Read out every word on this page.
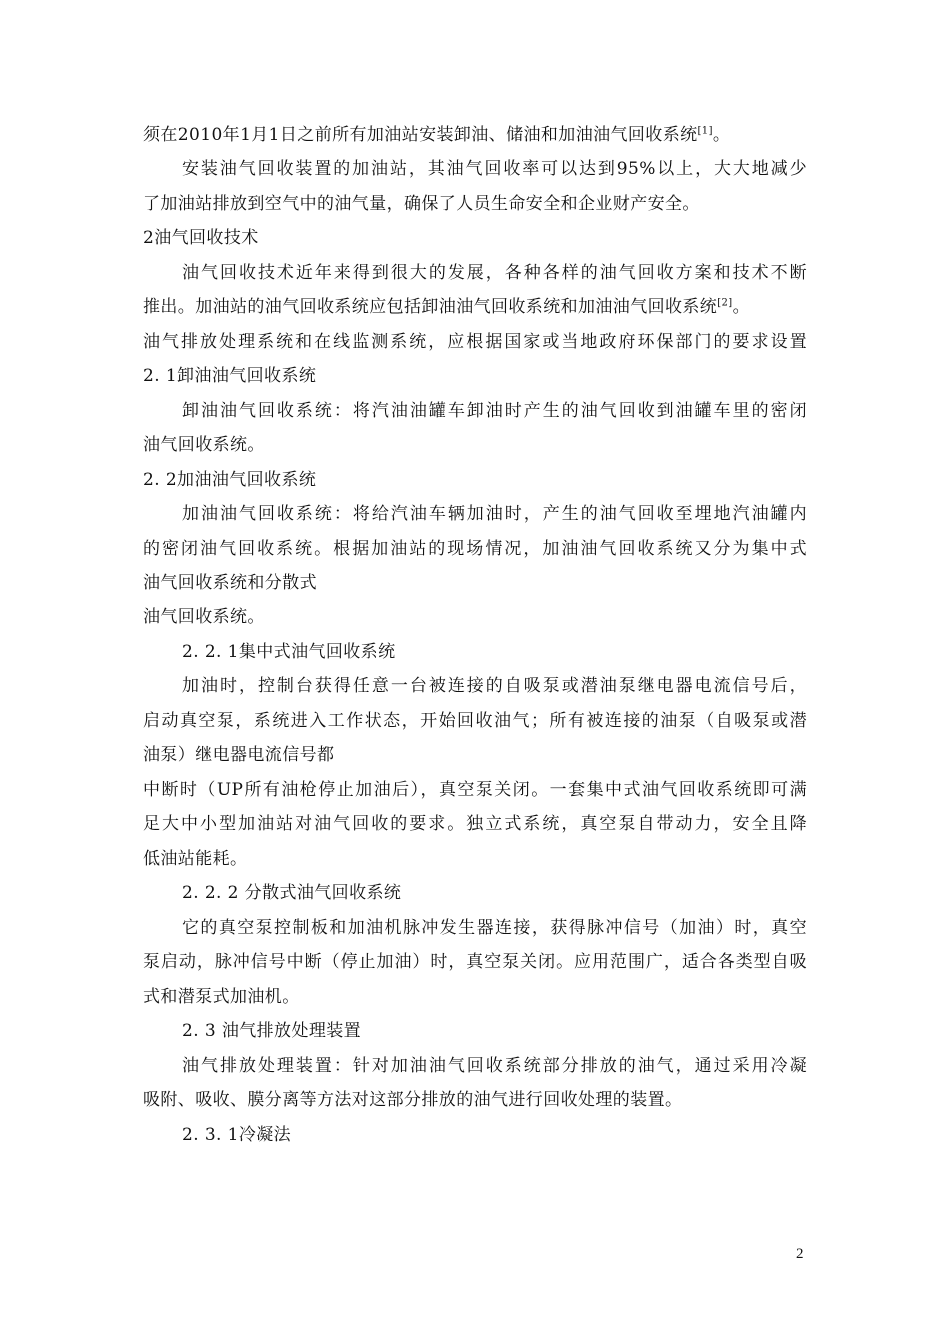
须在2010年1月1日之前所有加油站安装卸油、储油和加油油气回收系统[1]。
安装油气回收装置的加油站，其油气回收率可以达到95%以上，大大地减少
了加油站排放到空气中的油气量，确保了人员生命安全和企业财产安全。
2油气回收技术
油气回收技术近年来得到很大的发展，各种各样的油气回收方案和技术不断
推出。加油站的油气回收系统应包括卸油油气回收系统和加油油气回收系统[2]。
油气排放处理系统和在线监测系统，应根据国家或当地政府环保部门的要求设置
2. 1卸油油气回收系统
卸油油气回收系统：将汽油油罐车卸油时产生的油气回收到油罐车里的密闭
油气回收系统。
2. 2加油油气回收系统
加油油气回收系统：将给汽油车辆加油时，产生的油气回收至埋地汽油罐内
的密闭油气回收系统。根据加油站的现场情况，加油油气回收系统又分为集中式
油气回收系统和分散式
油气回收系统。
2. 2. 1集中式油气回收系统
加油时，控制台获得任意一台被连接的自吸泵或潜油泵继电器电流信号后，
启动真空泵，系统进入工作状态，开始回收油气；所有被连接的油泵（自吸泵或潜
油泵）继电器电流信号都
中断时（UP所有油枪停止加油后），真空泵关闭。一套集中式油气回收系统即可满
足大中小型加油站对油气回收的要求。独立式系统，真空泵自带动力，安全且降
低油站能耗。
2. 2. 2 分散式油气回收系统
它的真空泵控制板和加油机脉冲发生器连接，获得脉冲信号（加油）时，真空
泵启动，脉冲信号中断（停止加油）时，真空泵关闭。应用范围广，适合各类型自吸
式和潜泵式加油机。
2. 3 油气排放处理装置
油气排放处理装置：针对加油油气回收系统部分排放的油气，通过采用冷凝
吸附、吸收、膜分离等方法对这部分排放的油气进行回收处理的装置。
2. 3. 1冷凝法
2
